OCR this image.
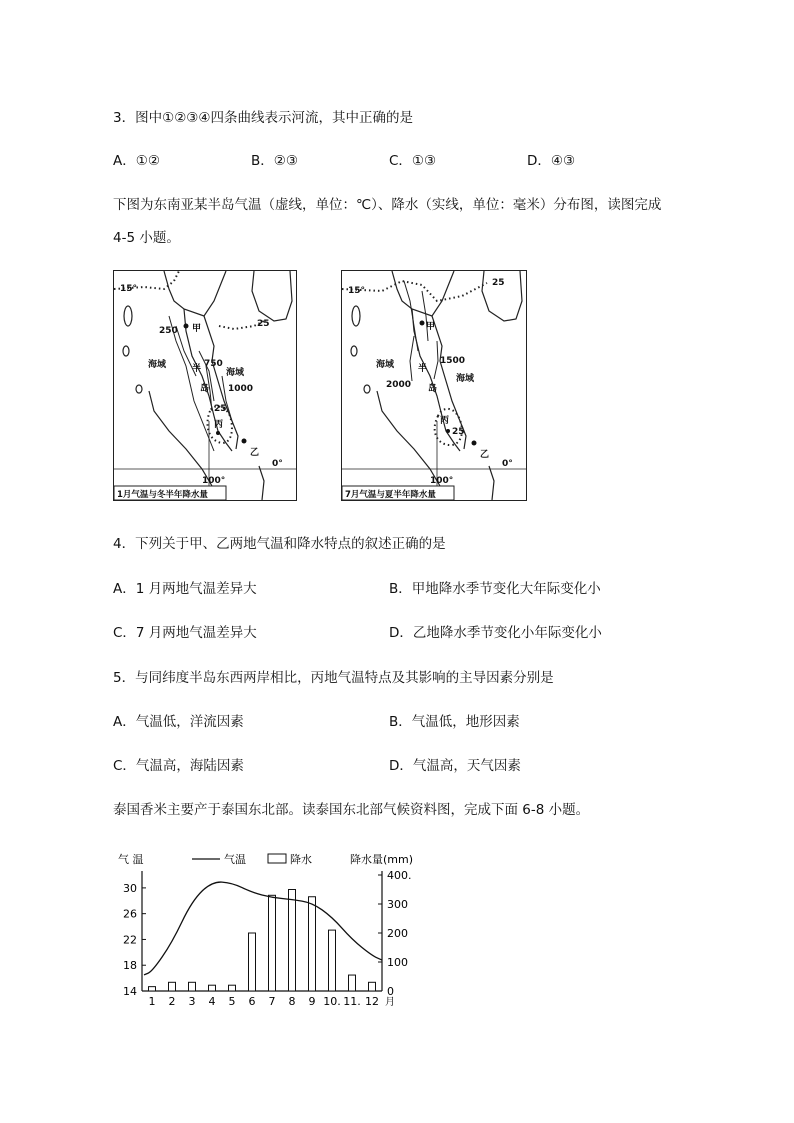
3．图中①②③④四条曲线表示河流，其中正确的是
A．①②	B．②③	C．①③	D．④③
下图为东南亚某半岛气温（虚线，单位：℃）、降水（实线，单位：毫米）分布图，读图完成
4-5 小题。
15°
0°
100°
250
750
1000
25
25
甲
乙
丙
海域
海域
半
岛
1月气温与冬半年降水量
15°
0°
100°
1500
2000
25
25
甲
乙
丙
海域
海域
半
岛
7月气温与夏半年降水量
4．下列关于甲、乙两地气温和降水特点的叙述正确的是
A．1 月两地气温差异大	B．甲地降水季节变化大年际变化小
C．7 月两地气温差异大	D．乙地降水季节变化小年际变化小
5．与同纬度半岛东西两岸相比，丙地气温特点及其影响的主导因素分别是
A．气温低，洋流因素	B．气温低，地形因素
C．气温高，海陆因素	D．气温高，天气因素
泰国香米主要产于泰国东北部。读泰国东北部气候资料图，完成下面 6-8 小题。
气 温	气温	降水	降水量(mm)
30
26
22
18
14
400.
300
200
100
0
1 2 3 4 5 6 7 8 9 10. 11. 12 月
